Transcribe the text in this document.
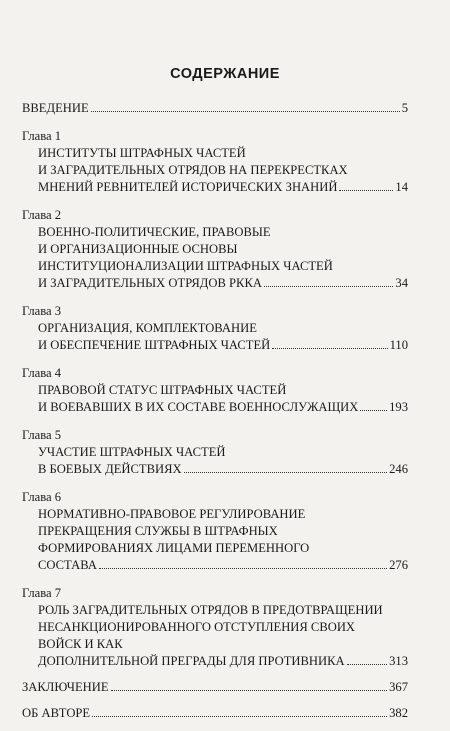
СОДЕРЖАНИЕ
ВВЕДЕНИЕ	5
Глава 1
ИНСТИТУТЫ ШТРАФНЫХ ЧАСТЕЙ
И ЗАГРАДИТЕЛЬНЫХ ОТРЯДОВ НА ПЕРЕКРЕСТКАХ
МНЕНИЙ РЕВНИТЕЛЕЙ ИСТОРИЧЕСКИХ ЗНАНИЙ	14
Глава 2
ВОЕННО-ПОЛИТИЧЕСКИЕ, ПРАВОВЫЕ
И ОРГАНИЗАЦИОННЫЕ ОСНОВЫ
ИНСТИТУЦИОНАЛИЗАЦИИ ШТРАФНЫХ ЧАСТЕЙ
И ЗАГРАДИТЕЛЬНЫХ ОТРЯДОВ РККА	34
Глава 3
ОРГАНИЗАЦИЯ, КОМПЛЕКТОВАНИЕ
И ОБЕСПЕЧЕНИЕ ШТРАФНЫХ ЧАСТЕЙ	110
Глава 4
ПРАВОВОЙ СТАТУС ШТРАФНЫХ ЧАСТЕЙ
И ВОЕВАВШИХ В ИХ СОСТАВЕ ВОЕННОСЛУЖАЩИХ 193
Глава 5
УЧАСТИЕ ШТРАФНЫХ ЧАСТЕЙ
В БОЕВЫХ ДЕЙСТВИЯХ	246
Глава 6
НОРМАТИВНО-ПРАВОВОЕ РЕГУЛИРОВАНИЕ
ПРЕКРАЩЕНИЯ СЛУЖБЫ В ШТРАФНЫХ
ФОРМИРОВАНИЯХ ЛИЦАМИ ПЕРЕМЕННОГО
СОСТАВА	276
Глава 7
РОЛЬ ЗАГРАДИТЕЛЬНЫХ ОТРЯДОВ В ПРЕДОТВРАЩЕНИИ
НЕСАНКЦИОНИРОВАННОГО ОТСТУПЛЕНИЯ СВОИХ
ВОЙСК И КАК
ДОПОЛНИТЕЛЬНОЙ ПРЕГРАДЫ ДЛЯ ПРОТИВНИКА	313
ЗАКЛЮЧЕНИЕ	367
ОБ АВТОРЕ	382
